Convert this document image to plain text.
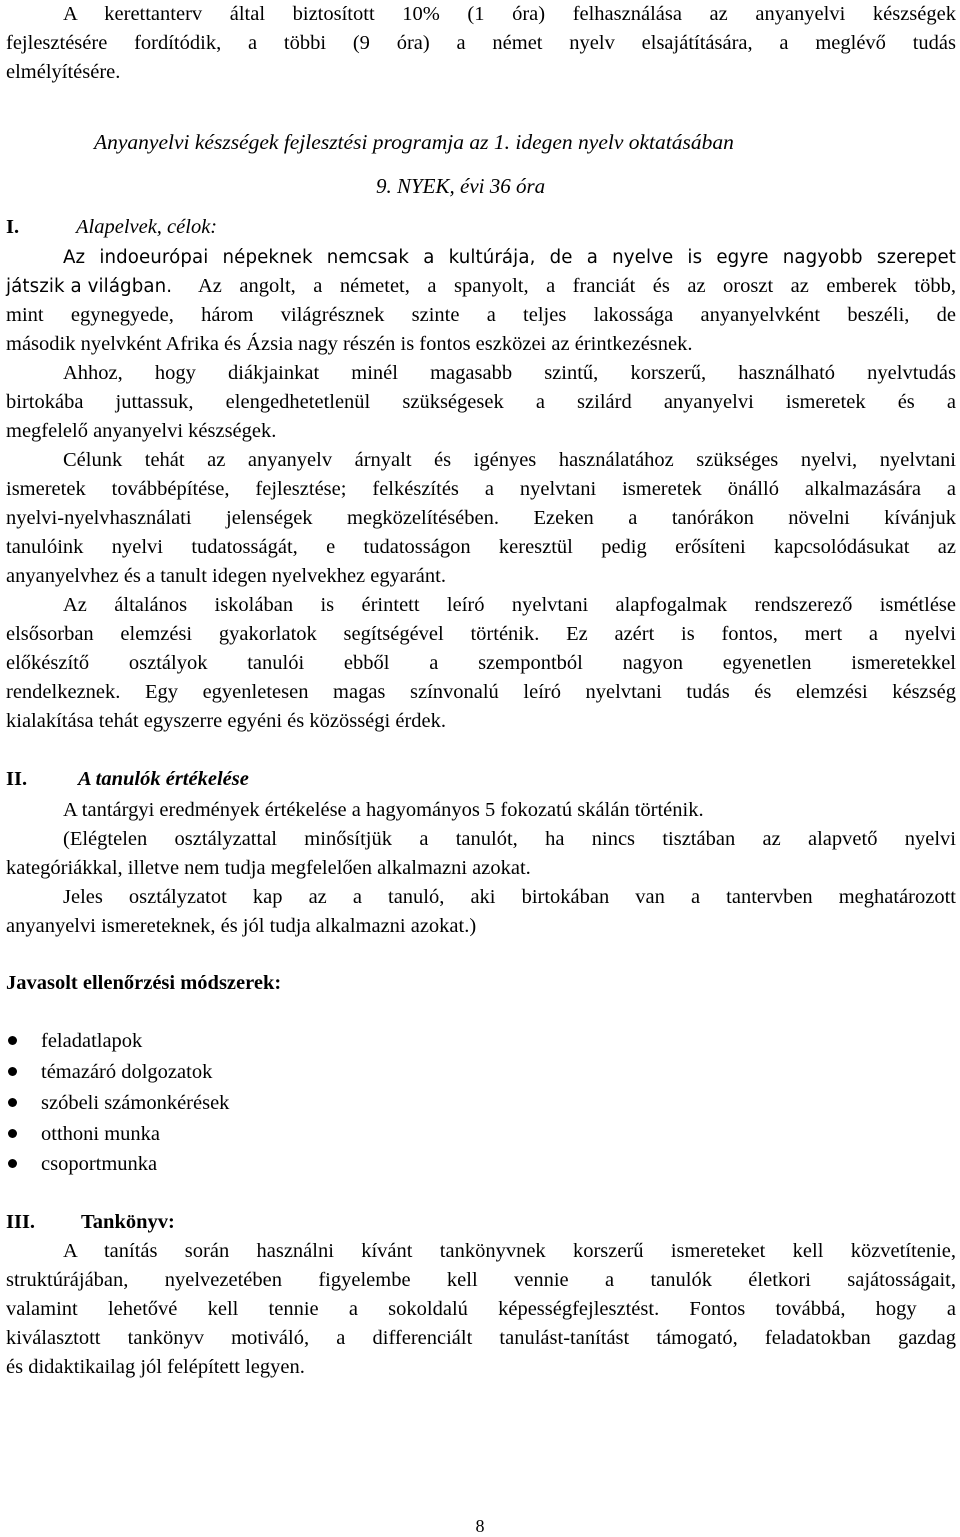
A kerettanterv által biztosított 10% (1 óra) felhasználása az anyanyelvi készségek
fejlesztésére fordítódik, a többi (9 óra) a német nyelv elsajátítására, a meglévő tudás
elmélyítésére.
Anyanyelvi készségek fejlesztési programja az 1. idegen nyelv oktatásában
9. NYEK, évi 36 óra
I.	Alapelvek, célok:
Az indoeurópai népeknek nemcsak a kultúrája, de a nyelve is egyre nagyobb szerepet
játszik a világban.	Az angolt, a németet, a spanyolt, a franciát és az oroszt az emberek több,
mint egynegyede, három világrésznek szinte a teljes lakossága anyanyelvként beszéli, de
második nyelvként Afrika és Ázsia nagy részén is fontos eszközei az érintkezésnek.
Ahhoz, hogy diákjainkat minél magasabb szintű, korszerű, használható nyelvtudás
birtokába juttassuk, elengedhetetlenül szükségesek a szilárd anyanyelvi ismeretek és a
megfelelő anyanyelvi készségek.
Célunk tehát az anyanyelv árnyalt és igényes használatához szükséges nyelvi, nyelvtani
ismeretek továbbépítése, fejlesztése; felkészítés a nyelvtani ismeretek önálló alkalmazására a
nyelvi-nyelvhasználati jelenségek megközelítésében. Ezeken a tanórákon növelni kívánjuk
tanulóink nyelvi tudatosságát, e tudatosságon keresztül pedig erősíteni kapcsolódásukat az
anyanyelvhez és a tanult idegen nyelvekhez egyaránt.
Az általános iskolában is érintett leíró nyelvtani alapfogalmak rendszerező ismétlése
elsősorban elemzési gyakorlatok segítségével történik. Ez azért is fontos, mert a nyelvi
előkészítő osztályok tanulói ebből a szempontból nagyon egyenetlen ismeretekkel
rendelkeznek. Egy egyenletesen magas színvonalú leíró nyelvtani tudás és elemzési készség
kialakítása tehát egyszerre egyéni és közösségi érdek.
II.	A tanulók értékelése
A tantárgyi eredmények értékelése a hagyományos 5 fokozatú skálán történik.
(Elégtelen osztályzattal minősítjük a tanulót, ha nincs tisztában az alapvető nyelvi
kategóriákkal, illetve nem tudja megfelelően alkalmazni azokat.
Jeles osztályzatot kap az a tanuló, aki birtokában van a tantervben meghatározott
anyanyelvi ismereteknek, és jól tudja alkalmazni azokat.)
Javasolt ellenőrzési módszerek:
feladatlapok
témazáró dolgozatok
szóbeli számonkérések
otthoni munka
csoportmunka
III.	Tankönyv:
A tanítás során használni kívánt tankönyvnek korszerű ismereteket kell közvetítenie,
struktúrájában, nyelvezetében figyelembe kell vennie a tanulók életkori sajátosságait,
valamint lehetővé kell tennie a sokoldalú képességfejlesztést. Fontos továbbá, hogy a
kiválasztott tankönyv motiváló, a differenciált tanulást-tanítást támogató, feladatokban gazdag
és didaktikailag jól felépített legyen.
8
